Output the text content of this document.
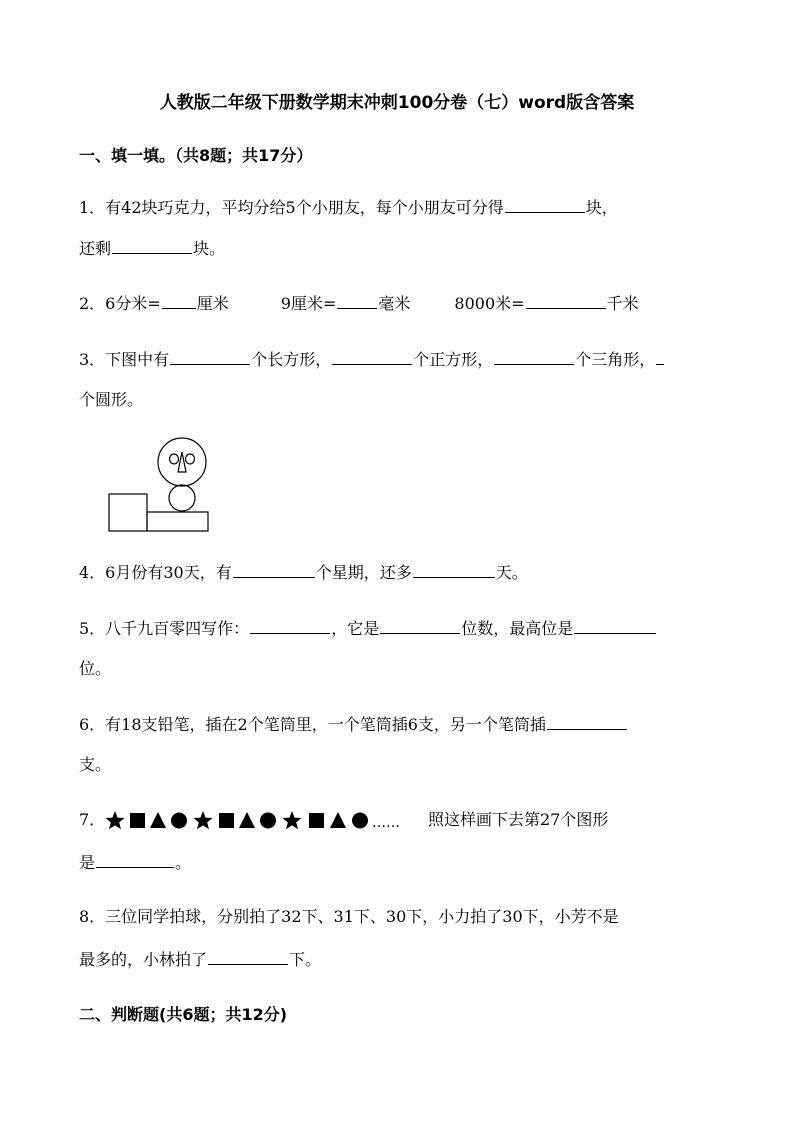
人教版二年级下册数学期末冲刺100分卷（七）word版含答案
一、填一填。（共8题；共17分）
1．有42块巧克力，平均分给5个小朋友，每个小朋友可分得	块，
还剩	块。
2．6分米= 厘米	9厘米=	毫米	8000米=	千米
3．下图中有	个长方形，	个正方形，	个三角形，
个圆形。
4．6月份有30天，有	个星期，还多	天。
5．八千九百零四写作：	，它是	位数，最高位是
位。
6．有18支铅笔，插在2个笔筒里，一个笔筒插6支，另一个笔筒插
支。
7．	…… 照这样画下去第27个图形
是	。
8．三位同学拍球，分别拍了32下、31下、30下，小力拍了30下，小芳不是
最多的，小林拍了	下。
二、判断题(共6题；共12分)
